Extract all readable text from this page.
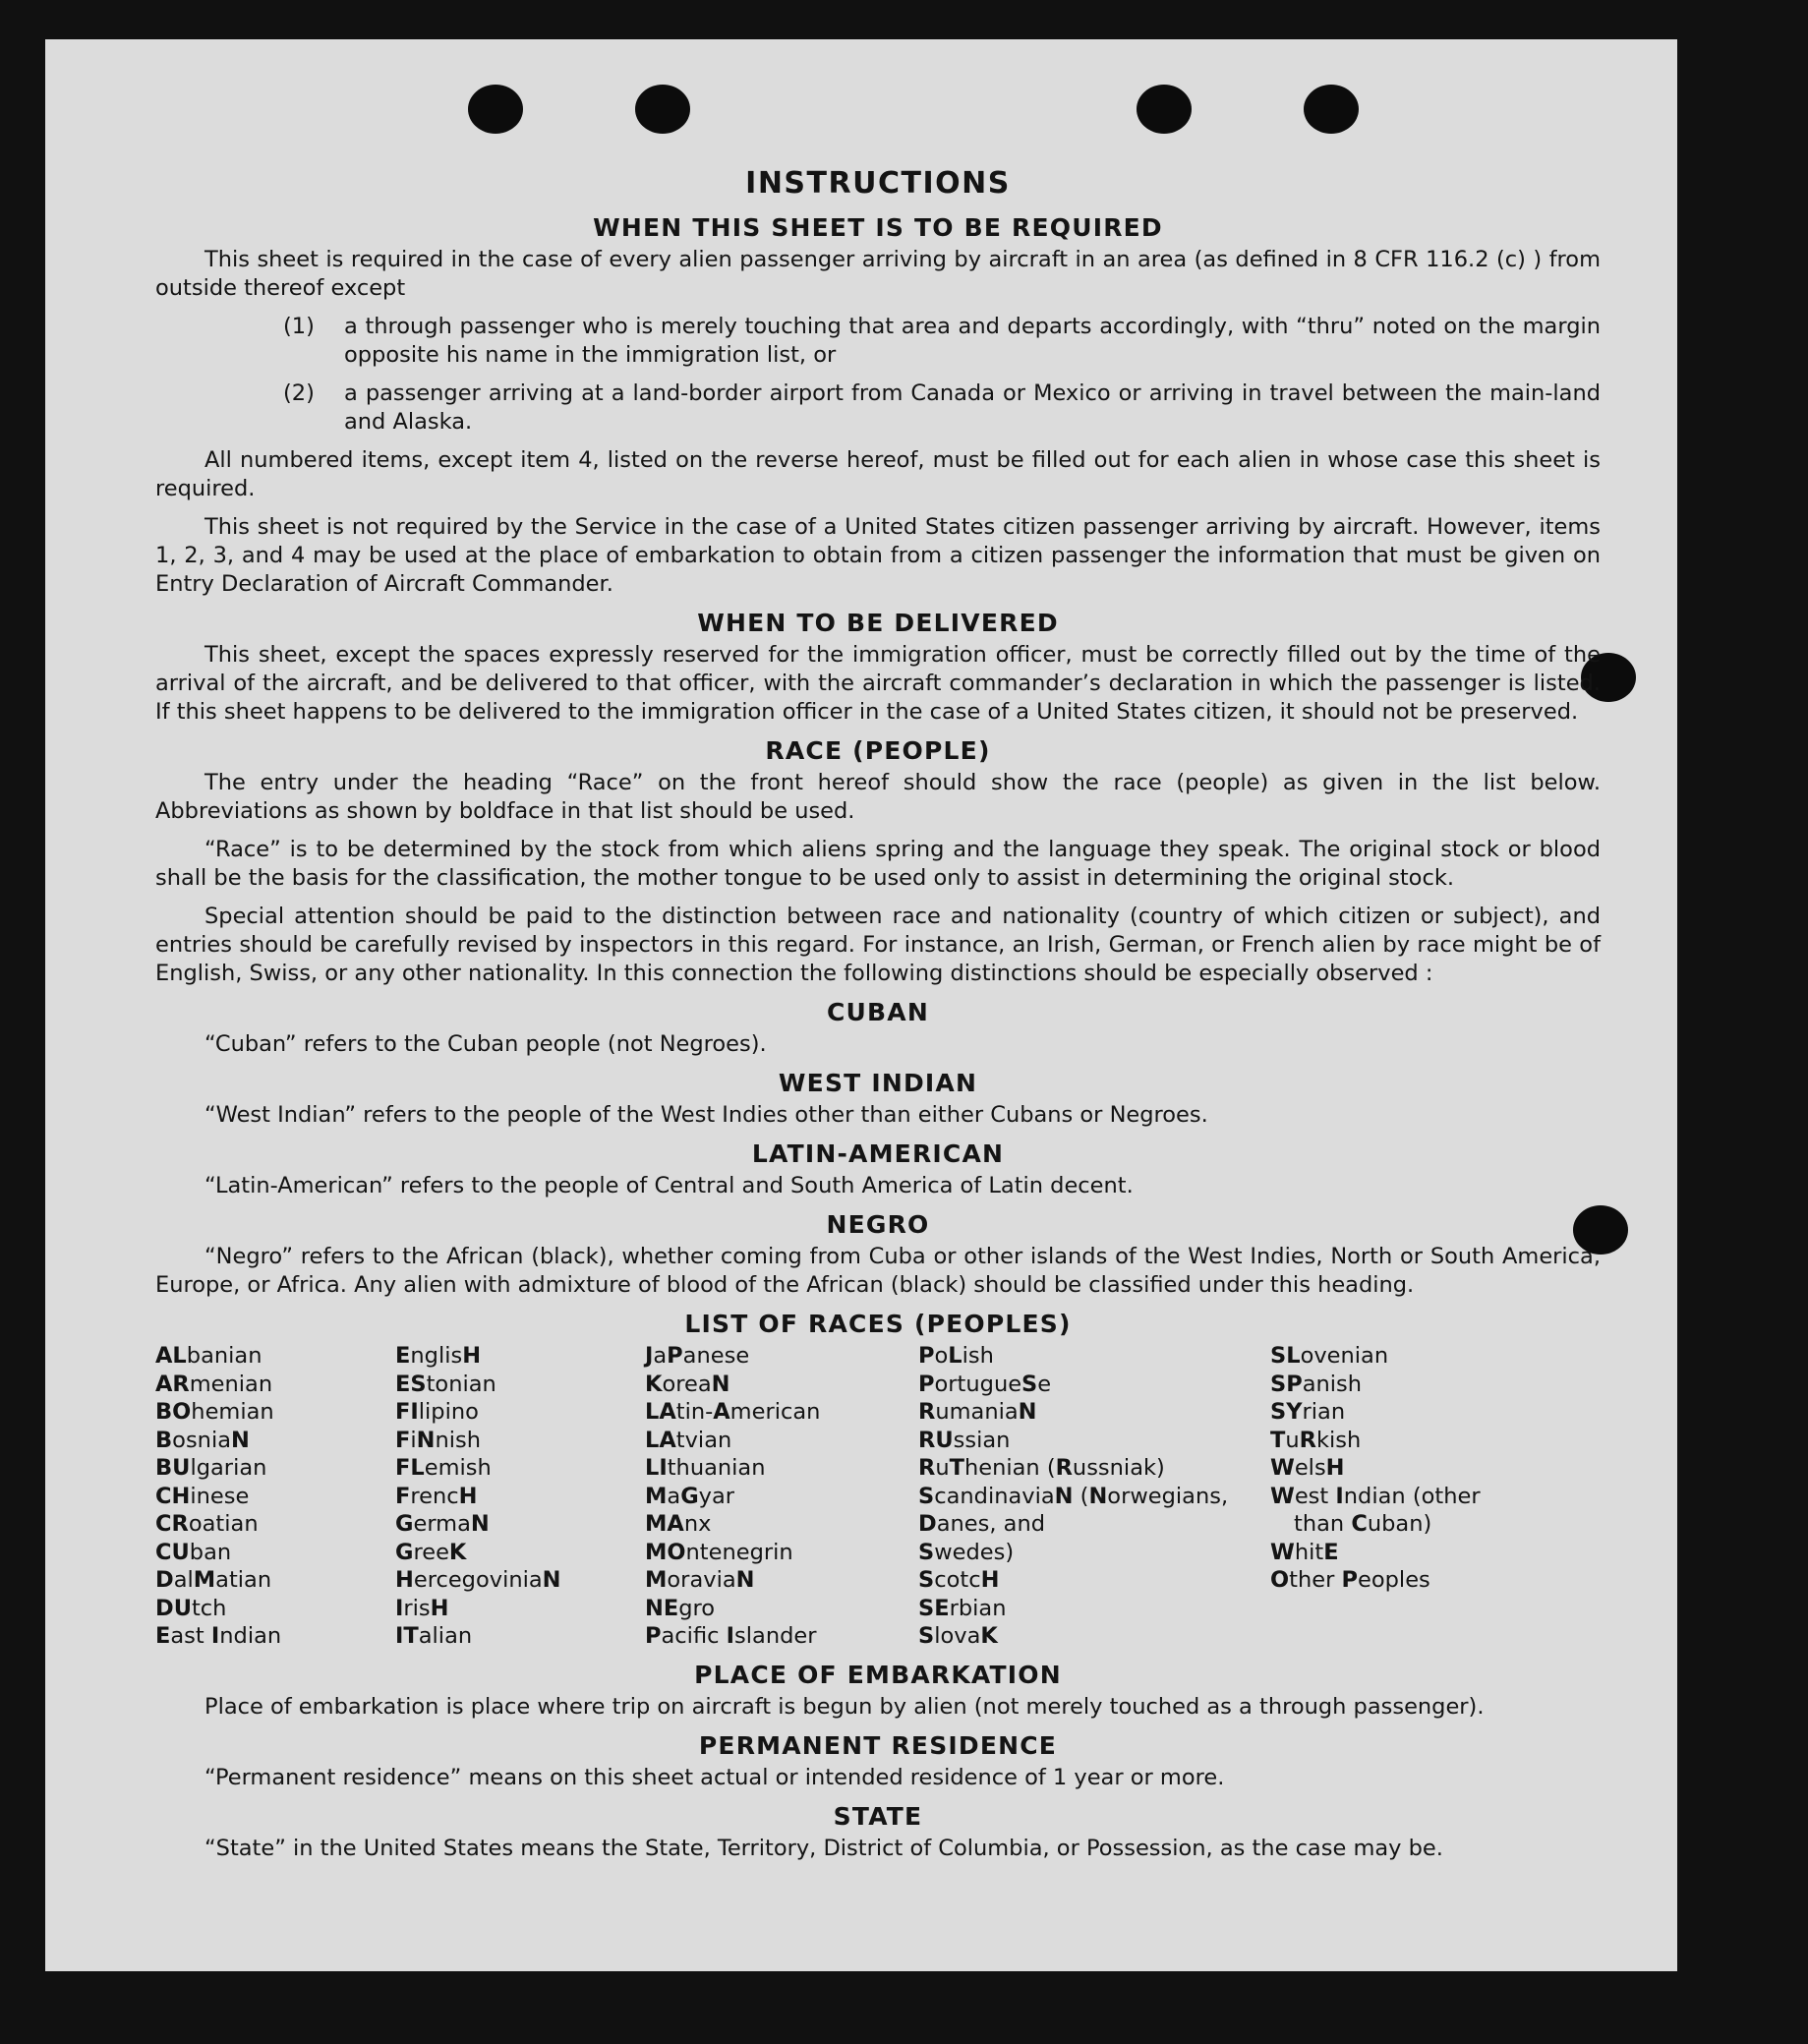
INSTRUCTIONS
WHEN THIS SHEET IS TO BE REQUIRED

This sheet is required in the case of every alien passenger arriving by aircraft in an area (as defined in 8 CFR 116.2 (c) ) from outside thereof except

(1)	a through passenger who is merely touching that area and departs accordingly, with “thru” noted on the margin opposite his name in the immigration list, or
(2)	a passenger arriving at a land-border airport from Canada or Mexico or arriving in travel between the main-land and Alaska.

All numbered items, except item 4, listed on the reverse hereof, must be filled out for each alien in whose case this sheet is required.

This sheet is not required by the Service in the case of a United States citizen passenger arriving by aircraft. However, items 1, 2, 3, and 4 may be used at the place of embarkation to obtain from a citizen passenger the information that must be given on Entry Declaration of Aircraft Commander.

WHEN TO BE DELIVERED

This sheet, except the spaces expressly reserved for the immigration officer, must be correctly filled out by the time of the arrival of the aircraft, and be delivered to that officer, with the aircraft commander’s declaration in which the passenger is listed. If this sheet happens to be delivered to the immigration officer in the case of a United States citizen, it should not be preserved.

RACE (PEOPLE)

The entry under the heading “Race” on the front hereof should show the race (people) as given in the list below. Abbreviations as shown by boldface in that list should be used.

“Race” is to be determined by the stock from which aliens spring and the language they speak. The original stock or blood shall be the basis for the classification, the mother tongue to be used only to assist in determining the original stock.

Special attention should be paid to the distinction between race and nationality (country of which citizen or subject), and entries should be carefully revised by inspectors in this regard. For instance, an Irish, German, or French alien by race might be of English, Swiss, or any other nationality. In this connection the following distinctions should be especially observed :

CUBAN

“Cuban” refers to the Cuban people (not Negroes).

WEST INDIAN

“West Indian” refers to the people of the West Indies other than either Cubans or Negroes.

LATIN-AMERICAN

“Latin-American” refers to the people of Central and South America of Latin decent.

NEGRO

“Negro” refers to the African (black), whether coming from Cuba or other islands of the West Indies, North or South America, Europe, or Africa. Any alien with admixture of blood of the African (black) should be classified under this heading.

LIST OF RACES (PEOPLES)
ALbanian
ARmenian
BOhemian
BosniaN
BUlgarian
CHinese
CRoatian
CUban
DalMatian
DUtch
East Indian
EnglisH
EStonian
FIlipino
FiNnish
FLemish
FrencH
GermaN
GreeK
HercegoviniaN
IrisH
ITalian
JaPanese
KoreaN
LAtin-American
LAtvian
LIthuanian
MaGyar
MAnx
MOntenegrin
MoraviaN
NEgro
Pacifc Islander
PoLish
PortugueSe
RumaniaN
RUssian
RuThenian (Russniak)
ScandinaviaN (Norwegians,
Danes, and
Swedes)
ScotcH
SErbian
SlovaK
SLovenian
SPanish
SYrian
TuRkish
WelsH
West Indian (other
than Cuban)
WhitE
Other Peoples
PLACE OF EMBARKATION

Place of embarkation is place where trip on aircraft is begun by alien (not merely touched as a through passenger).

PERMANENT RESIDENCE

“Permanent residence” means on this sheet actual or intended residence of 1 year or more.

STATE

“State” in the United States means the State, Territory, District of Columbia, or Possession, as the case may be.
